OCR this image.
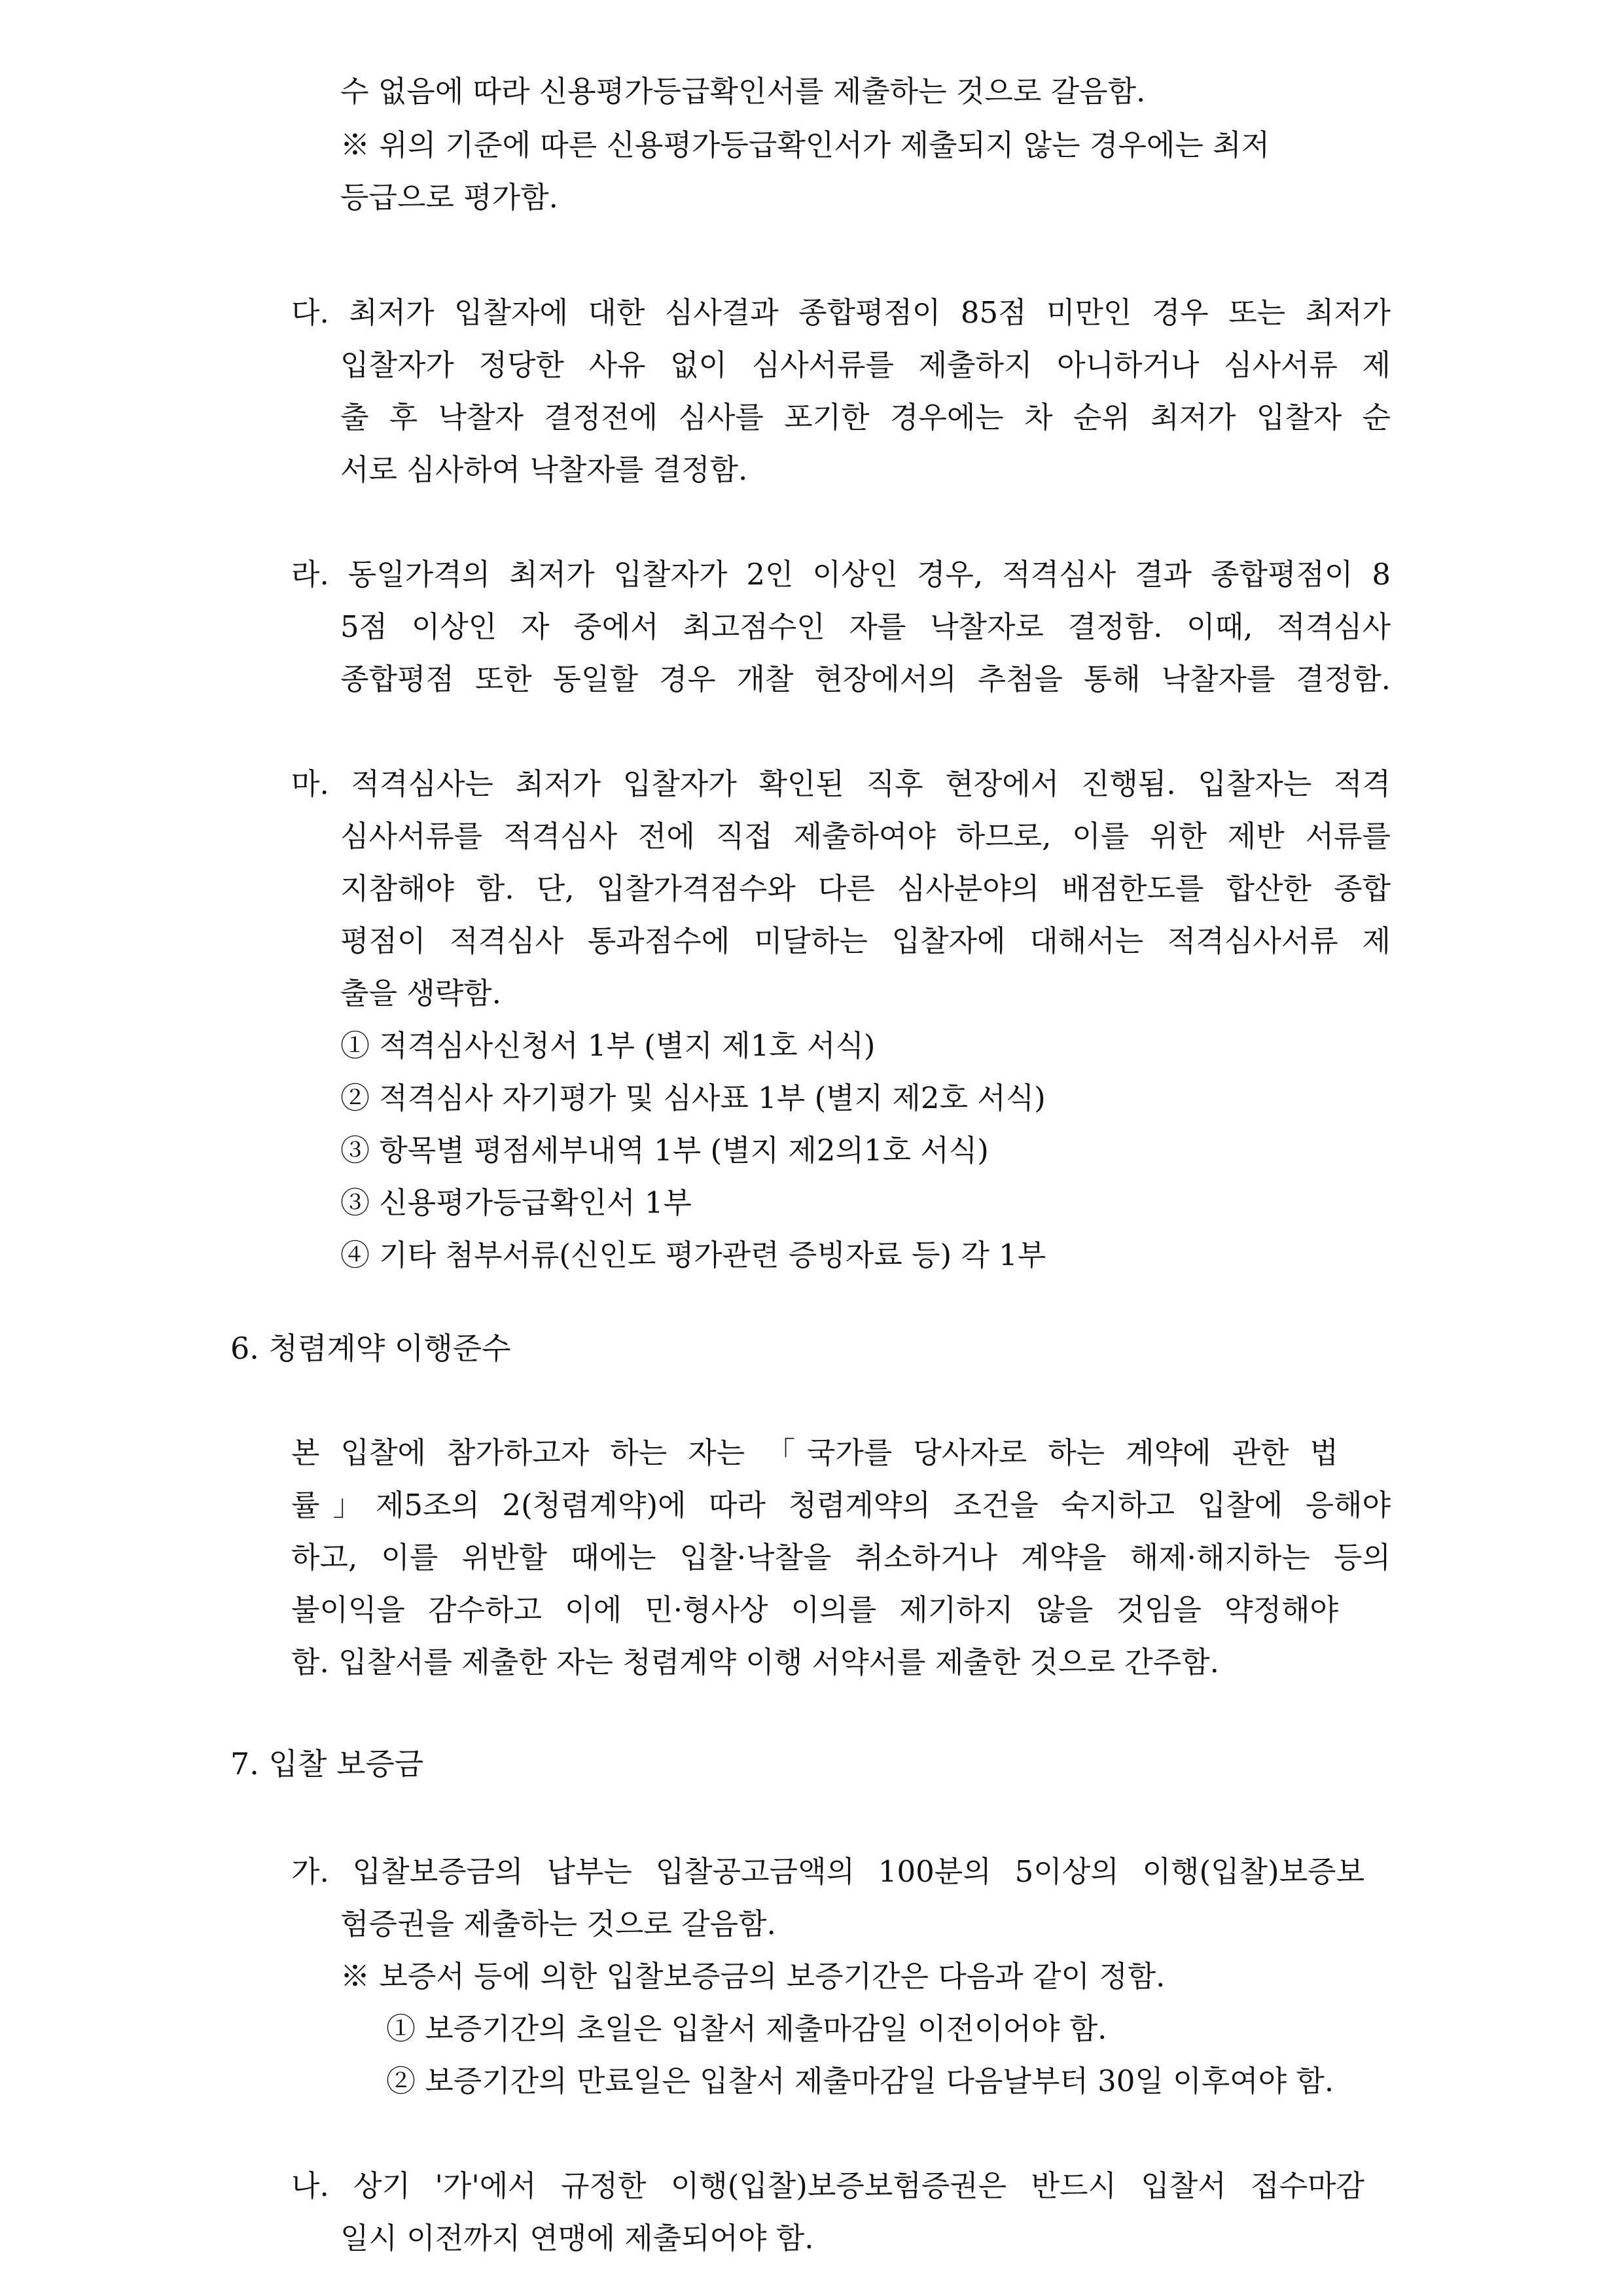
수 없음에 따라 신용평가등급확인서를 제출하는 것으로 갈음함.
※ 위의 기준에 따른 신용평가등급확인서가 제출되지 않는 경우에는 최저
등급으로 평가함.
다. 최저가 입찰자에 대한 심사결과 종합평점이 85점 미만인 경우 또는 최저가
입찰자가 정당한 사유 없이 심사서류를 제출하지 아니하거나 심사서류 제
출 후 낙찰자 결정전에 심사를 포기한 경우에는 차 순위 최저가 입찰자 순
서로 심사하여 낙찰자를 결정함.
라. 동일가격의 최저가 입찰자가 2인 이상인 경우, 적격심사 결과 종합평점이 8
5점 이상인 자 중에서 최고점수인 자를 낙찰자로 결정함. 이때, 적격심사
종합평점 또한 동일할 경우 개찰 현장에서의 추첨을 통해 낙찰자를 결정함.
마. 적격심사는 최저가 입찰자가 확인된 직후 현장에서 진행됨. 입찰자는 적격
심사서류를 적격심사 전에 직접 제출하여야 하므로, 이를 위한 제반 서류를
지참해야 함. 단, 입찰가격점수와 다른 심사분야의 배점한도를 합산한 종합
평점이 적격심사 통과점수에 미달하는 입찰자에 대해서는 적격심사서류 제
출을 생략함.
① 적격심사신청서 1부 (별지 제1호 서식)
② 적격심사 자기평가 및 심사표 1부 (별지 제2호 서식)
③ 항목별 평점세부내역 1부 (별지 제2의1호 서식)
③ 신용평가등급확인서 1부
④ 기타 첨부서류(신인도 평가관련 증빙자료 등) 각 1부
6. 청렴계약 이행준수
본 입찰에 참가하고자 하는 자는 「국가를 당사자로 하는 계약에 관한 법
률」제5조의 2(청렴계약)에 따라 청렴계약의 조건을 숙지하고 입찰에 응해야
하고, 이를 위반할 때에는 입찰·낙찰을 취소하거나 계약을 해제·해지하는 등의
불이익을 감수하고 이에 민·형사상 이의를 제기하지 않을 것임을 약정해야
함. 입찰서를 제출한 자는 청렴계약 이행 서약서를 제출한 것으로 간주함.
7. 입찰 보증금
가. 입찰보증금의 납부는 입찰공고금액의 100분의 5이상의 이행(입찰)보증보
험증권을 제출하는 것으로 갈음함.
※ 보증서 등에 의한 입찰보증금의 보증기간은 다음과 같이 정함.
① 보증기간의 초일은 입찰서 제출마감일 이전이어야 함.
② 보증기간의 만료일은 입찰서 제출마감일 다음날부터 30일 이후여야 함.
나. 상기 '가'에서 규정한 이행(입찰)보증보험증권은 반드시 입찰서 접수마감
일시 이전까지 연맹에 제출되어야 함.
